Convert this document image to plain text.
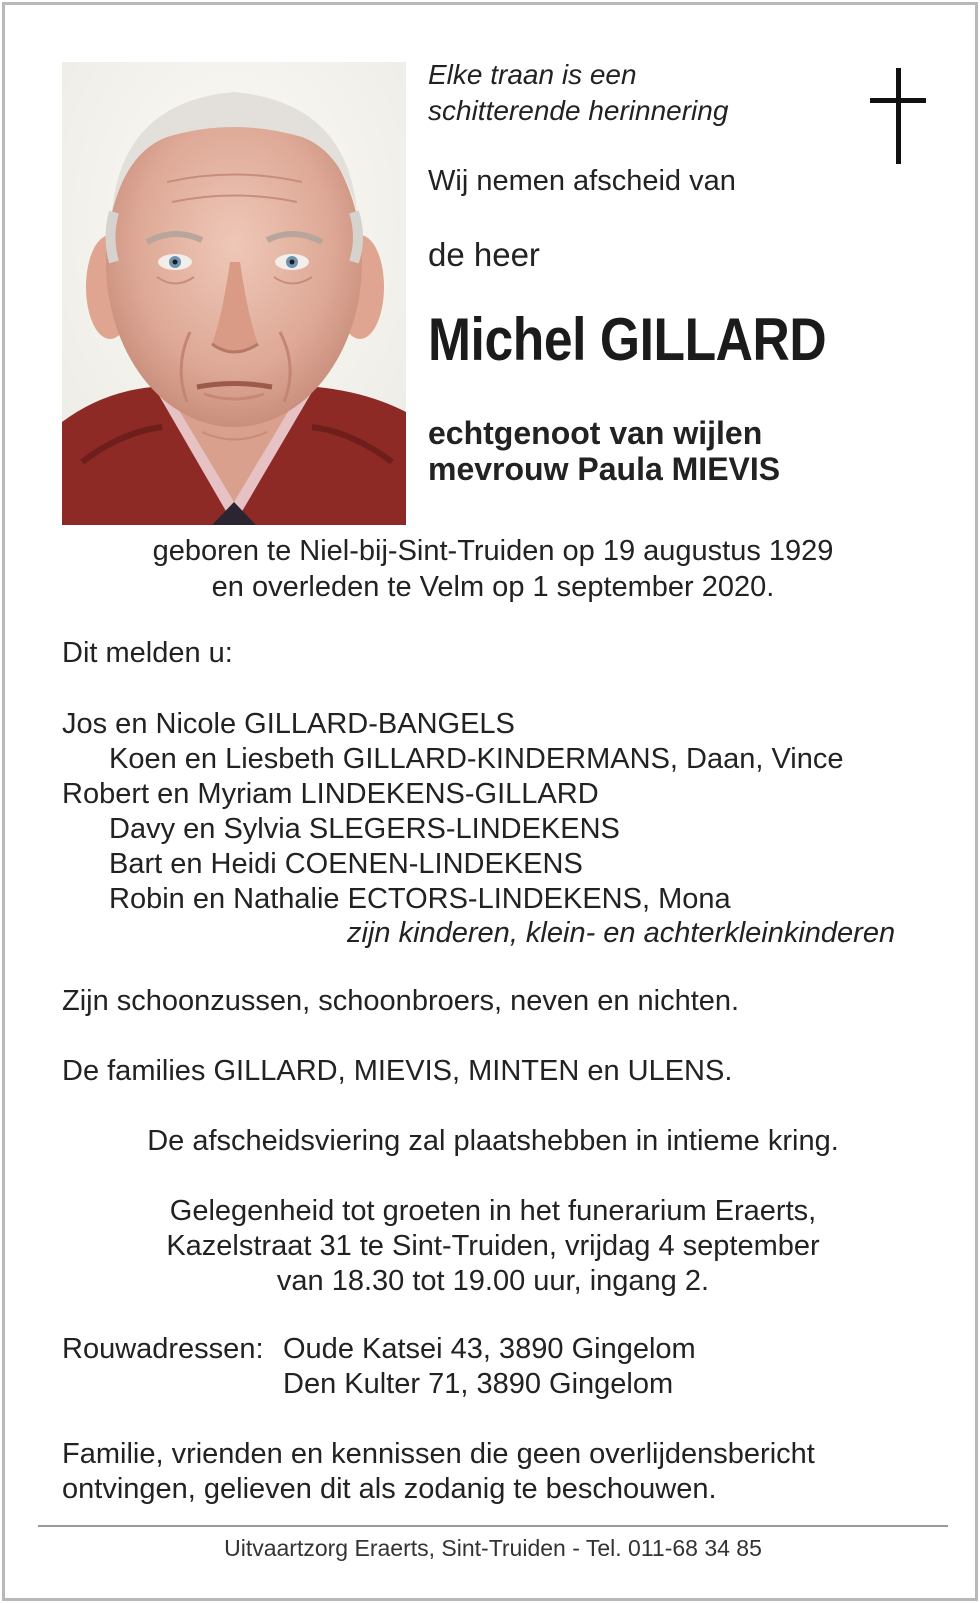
Elke traan is een
schitterende herinnering
Wij nemen afscheid van
de heer
Michel GILLARD
echtgenoot van wijlen
mevrouw Paula MIEVIS
geboren te Niel-bij-Sint-Truiden op 19 augustus 1929
en overleden te Velm op 1 september 2020.
Dit melden u:
Jos en Nicole GILLARD-BANGELS
Koen en Liesbeth GILLARD-KINDERMANS, Daan, Vince
Robert en Myriam LINDEKENS-GILLARD
Davy en Sylvia SLEGERS-LINDEKENS
Bart en Heidi COENEN-LINDEKENS
Robin en Nathalie ECTORS-LINDEKENS, Mona
zijn kinderen, klein- en achterkleinkinderen
Zijn schoonzussen, schoonbroers, neven en nichten.
De families GILLARD, MIEVIS, MINTEN en ULENS.
De afscheidsviering zal plaatshebben in intieme kring.
Gelegenheid tot groeten in het funerarium Eraerts,
Kazelstraat 31 te Sint-Truiden, vrijdag 4 september
van 18.30 tot 19.00 uur, ingang 2.
Rouwadressen: Oude Katsei 43, 3890 Gingelom
Den Kulter 71, 3890 Gingelom
Familie, vrienden en kennissen die geen overlijdensbericht
ontvingen, gelieven dit als zodanig te beschouwen.
Uitvaartzorg Eraerts, Sint-Truiden - Tel. 011-68 34 85
